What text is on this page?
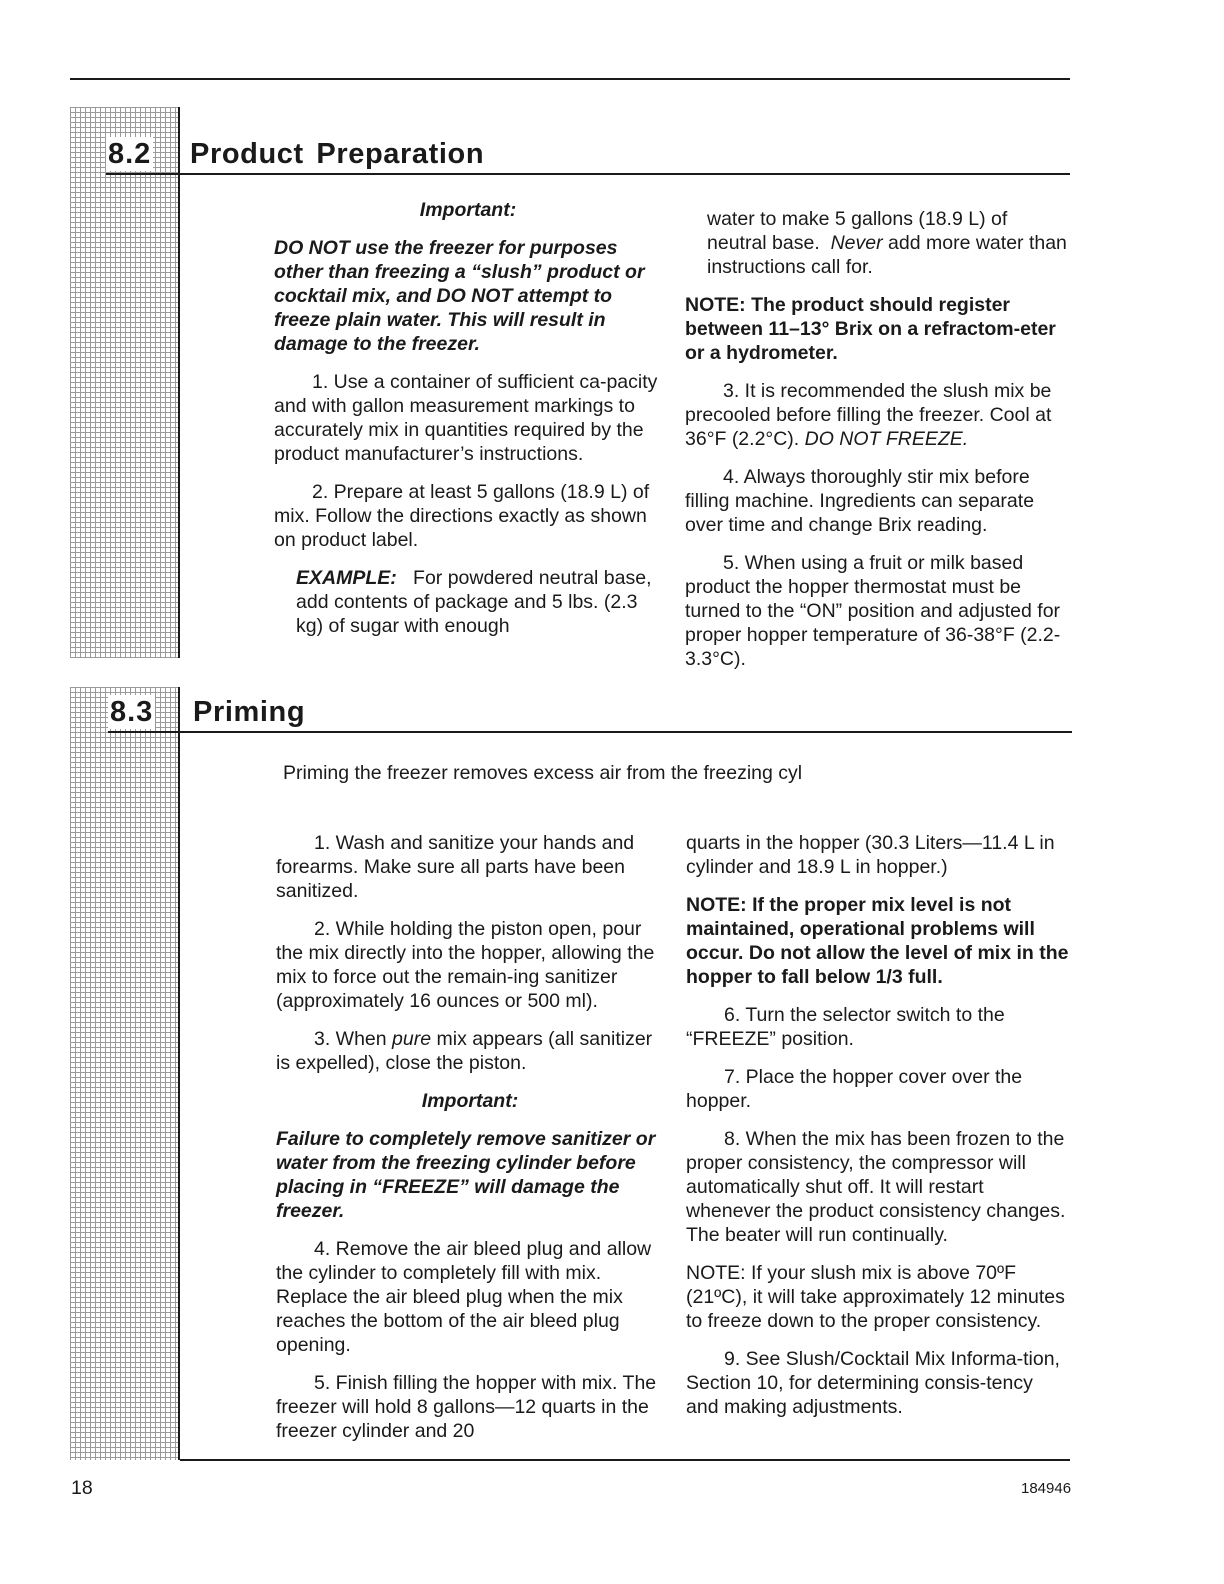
8.2 Product Preparation

Important:

DO NOT use the freezer for purposes other than freezing a “slush” product or cocktail mix, and DO NOT attempt to freeze plain water. This will result in damage to the freezer.

1. Use a container of sufficient ca-pacity and with gallon measurement markings to accurately mix in quantities required by the product manufacturer’s instructions.

2. Prepare at least 5 gallons (18.9 L) of mix. Follow the directions exactly as shown on product label.

EXAMPLE: For powdered neutral base, add contents of package and 5 lbs. (2.3 kg) of sugar with enough

water to make 5 gallons (18.9 L) of neutral base. Never add more water than instructions call for.

NOTE: The product should register between 11–13° Brix on a refractom-eter or a hydrometer.

3. It is recommended the slush mix be precooled before filling the freezer. Cool at 36°F (2.2°C). DO NOT FREEZE.

4. Always thoroughly stir mix before filling machine. Ingredients can separate over time and change Brix reading.

5. When using a fruit or milk based product the hopper thermostat must be turned to the “ON” position and adjusted for proper hopper temperature of 36-38°F (2.2-3.3°C).

8.3 Priming
Priming the freezer removes excess air from the freezing cyl

1. Wash and sanitize your hands and forearms. Make sure all parts have been sanitized.

2. While holding the piston open, pour the mix directly into the hopper, allowing the mix to force out the remain-ing sanitizer (approximately 16 ounces or 500 ml).

3. When pure mix appears (all sanitizer is expelled), close the piston.

Important:

Failure to completely remove sanitizer or water from the freezing cylinder before placing in “FREEZE” will damage the freezer.

4. Remove the air bleed plug and allow the cylinder to completely fill with mix. Replace the air bleed plug when the mix reaches the bottom of the air bleed plug opening.

5. Finish filling the hopper with mix. The freezer will hold 8 gallons—12 quarts in the freezer cylinder and 20

quarts in the hopper (30.3 Liters—11.4 L in cylinder and 18.9 L in hopper.)

NOTE: If the proper mix level is not maintained, operational problems will occur. Do not allow the level of mix in the hopper to fall below 1/3 full.

6. Turn the selector switch to the “FREEZE” position.

7. Place the hopper cover over the hopper.

8. When the mix has been frozen to the proper consistency, the compressor will automatically shut off. It will restart whenever the product consistency changes. The beater will run continually.

NOTE: If your slush mix is above 70ºF (21ºC), it will take approximately 12 minutes to freeze down to the proper consistency.

9. See Slush/Cocktail Mix Informa-tion, Section 10, for determining consis-tency and making adjustments.

18	184946
